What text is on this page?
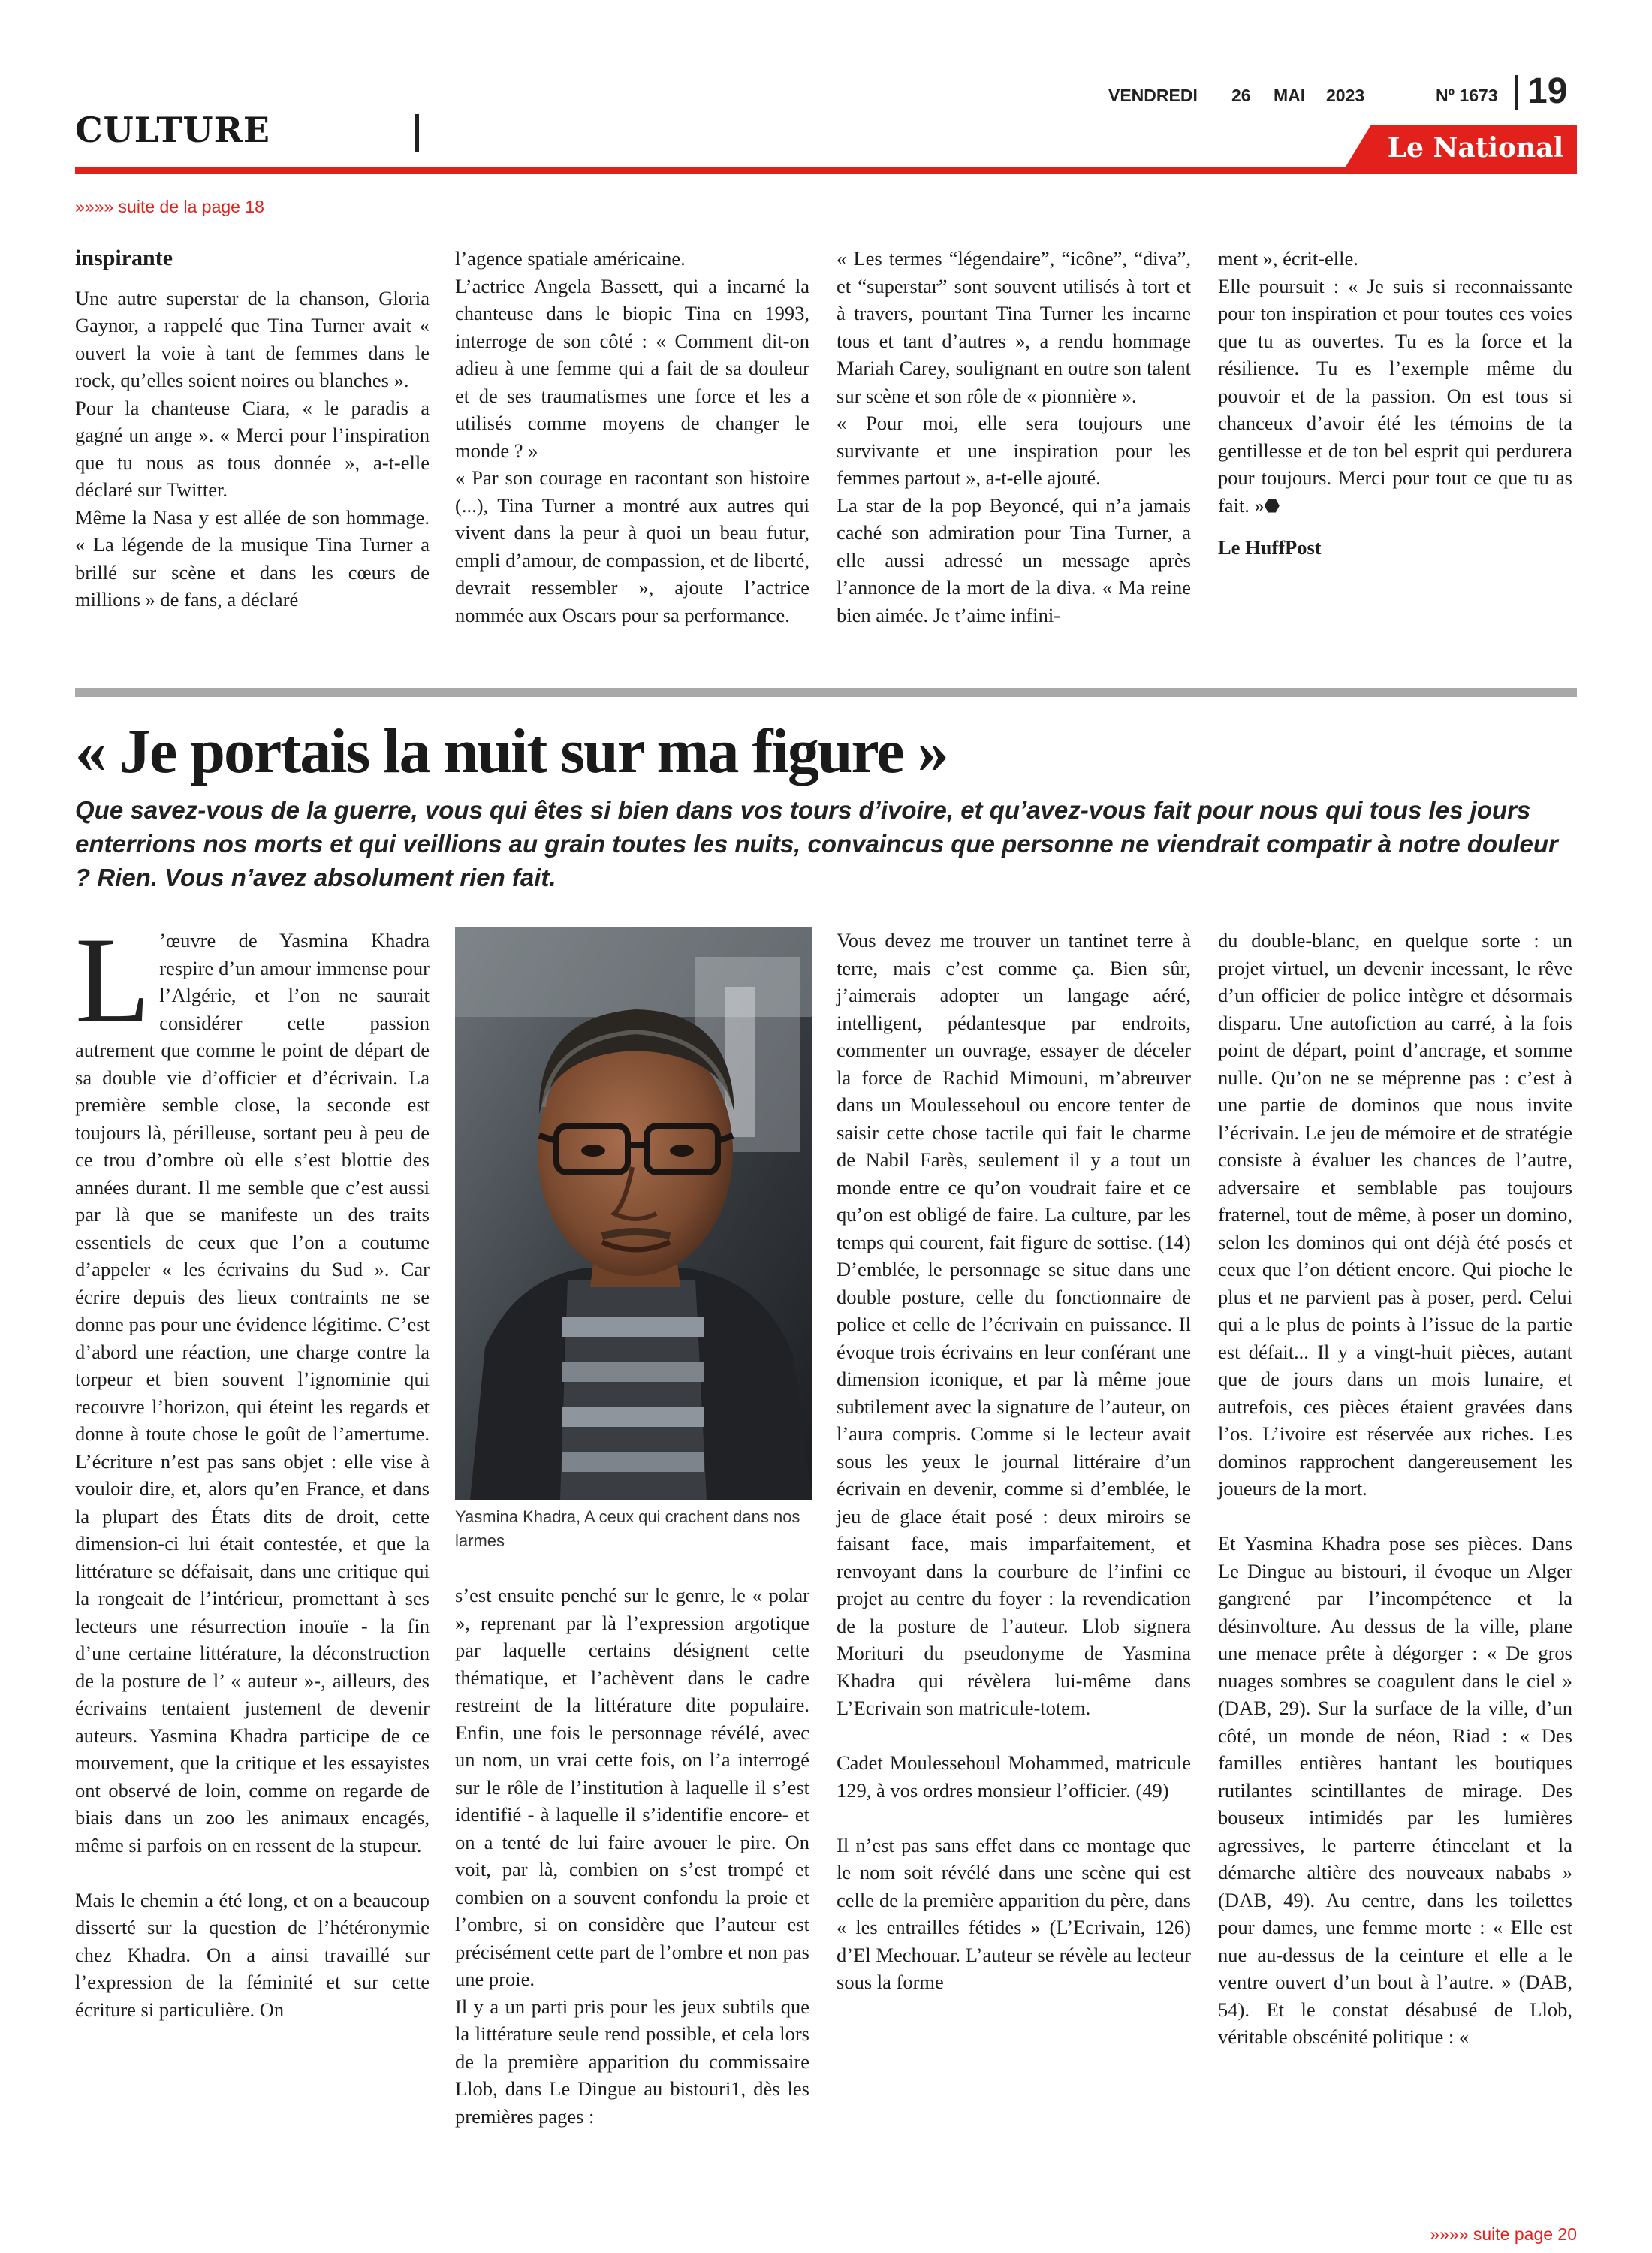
CULTURE
VENDREDI	26	MAI	2023	Nº 1673 19
Le National
»»»» suite de la page 18

inspirante

Une autre superstar de la chanson, Gloria Gaynor, a rappelé que Tina Turner avait « ouvert la voie à tant de femmes dans le rock, qu’elles soient noires ou blanches ».

Pour la chanteuse Ciara, « le paradis a gagné un ange ». « Merci pour l’inspiration que tu nous as tous donnée », a-t-elle déclaré sur Twitter.

Même la Nasa y est allée de son hommage. « La légende de la musique Tina Turner a brillé sur scène et dans les cœurs de millions » de fans, a déclaré

l’agence spatiale américaine.

L’actrice Angela Bassett, qui a incarné la chanteuse dans le biopic Tina en 1993, interroge de son côté : « Comment dit-on adieu à une femme qui a fait de sa douleur et de ses traumatismes une force et les a utilisés comme moyens de changer le monde ? »

« Par son courage en racontant son histoire (...), Tina Turner a montré aux autres qui vivent dans la peur à quoi un beau futur, empli d’amour, de compassion, et de liberté, devrait ressembler », ajoute l’actrice nommée aux Oscars pour sa performance.

« Les termes “légendaire”, “icône”, “diva”, et “superstar” sont souvent utilisés à tort et à travers, pourtant Tina Turner les incarne tous et tant d’autres », a rendu hommage Mariah Carey, soulignant en outre son talent sur scène et son rôle de « pionnière ».

« Pour moi, elle sera toujours une survivante et une inspiration pour les femmes partout », a-t-elle ajouté.

La star de la pop Beyoncé, qui n’a jamais caché son admiration pour Tina Turner, a elle aussi adressé un message après l’annonce de la mort de la diva. « Ma reine bien aimée. Je t’aime infini-

ment », écrit-elle.

Elle poursuit : « Je suis si reconnaissante pour ton inspiration et pour toutes ces voies que tu as ouvertes. Tu es la force et la résilience. Tu es l’exemple même du pouvoir et de la passion. On est tous si chanceux d’avoir été les témoins de ta gentillesse et de ton bel esprit qui perdurera pour toujours. Merci pour tout ce que tu as fait. »

Le HuffPost

« Je portais la nuit sur ma figure »
Que savez-vous de la guerre, vous qui êtes si bien dans vos tours d’ivoire, et qu’avez-vous fait pour nous qui tous les jours enterrions nos morts et qui veillions au grain toutes les nuits, convaincus que personne ne viendrait compatir à notre douleur ? Rien. Vous n’avez absolument rien fait.

L ’œuvre de Yasmina Khadra respire d’un amour immense pour l’Algérie, et l’on ne saurait considérer cette passion autrement que comme le point de départ de sa double vie d’officier et d’écrivain. La première semble close, la seconde est toujours là, périlleuse, sortant peu à peu de ce trou d’ombre où elle s’est blottie des années durant. Il me semble que c’est aussi par là que se manifeste un des traits essentiels de ceux que l’on a coutume d’appeler « les écrivains du Sud ». Car écrire depuis des lieux contraints ne se donne pas pour une évidence légitime. C’est d’abord une réaction, une charge contre la torpeur et bien souvent l’ignominie qui recouvre l’horizon, qui éteint les regards et donne à toute chose le goût de l’amertume. L’écriture n’est pas sans objet : elle vise à vouloir dire, et, alors qu’en France, et dans la plupart des États dits de droit, cette dimension-ci lui était contestée, et que la littérature se défaisait, dans une critique qui la rongeait de l’intérieur, promettant à ses lecteurs une résurrection inouïe - la fin d’une certaine littérature, la déconstruction de la posture de l’ « auteur »-, ailleurs, des écrivains tentaient justement de devenir auteurs. Yasmina Khadra participe de ce mouvement, que la critique et les essayistes ont observé de loin, comme on regarde de biais dans un zoo les animaux encagés, même si parfois on en ressent de la stupeur.

Mais le chemin a été long, et on a beaucoup disserté sur la question de l’hétéronymie chez Khadra. On a ainsi travaillé sur l’expression de la féminité et sur cette écriture si particulière. On

Yasmina Khadra, A ceux qui crachent dans nos larmes

s’est ensuite penché sur le genre, le « polar », reprenant par là l’expression argotique par laquelle certains désignent cette thématique, et l’achèvent dans le cadre restreint de la littérature dite populaire. Enfin, une fois le personnage révélé, avec un nom, un vrai cette fois, on l’a interrogé sur le rôle de l’institution à laquelle il s’est identifié - à laquelle il s’identifie encore- et on a tenté de lui faire avouer le pire. On voit, par là, combien on s’est trompé et combien on a souvent confondu la proie et l’ombre, si on considère que l’auteur est précisément cette part de l’ombre et non pas une proie.

Il y a un parti pris pour les jeux subtils que la littérature seule rend possible, et cela lors de la première apparition du commissaire Llob, dans Le Dingue au bistouri1, dès les premières pages :

Vous devez me trouver un tantinet terre à terre, mais c’est comme ça. Bien sûr, j’aimerais adopter un langage aéré, intelligent, pédantesque par endroits, commenter un ouvrage, essayer de déceler la force de Rachid Mimouni, m’abreuver dans un Moulessehoul ou encore tenter de saisir cette chose tactile qui fait le charme de Nabil Farès, seulement il y a tout un monde entre ce qu’on voudrait faire et ce qu’on est obligé de faire. La culture, par les temps qui courent, fait figure de sottise. (14)

D’emblée, le personnage se situe dans une double posture, celle du fonctionnaire de police et celle de l’écrivain en puissance. Il évoque trois écrivains en leur conférant une dimension iconique, et par là même joue subtilement avec la signature de l’auteur, on l’aura compris. Comme si le lecteur avait sous les yeux le journal littéraire d’un écrivain en devenir, comme si d’emblée, le jeu de glace était posé : deux miroirs se faisant face, mais imparfaitement, et renvoyant dans la courbure de l’infini ce projet au centre du foyer : la revendication de la posture de l’auteur. Llob signera Morituri du pseudonyme de Yasmina Khadra qui révèlera lui-même dans L’Ecrivain son matricule-totem.

Cadet Moulessehoul Mohammed, matricule 129, à vos ordres monsieur l’officier. (49)

Il n’est pas sans effet dans ce montage que le nom soit révélé dans une scène qui est celle de la première apparition du père, dans « les entrailles fétides » (L’Ecrivain, 126) d’El Mechouar. L’auteur se révèle au lecteur sous la forme

du double-blanc, en quelque sorte : un projet virtuel, un devenir incessant, le rêve d’un officier de police intègre et désormais disparu. Une autofiction au carré, à la fois point de départ, point d’ancrage, et somme nulle. Qu’on ne se méprenne pas : c’est à une partie de dominos que nous invite l’écrivain. Le jeu de mémoire et de stratégie consiste à évaluer les chances de l’autre, adversaire et semblable pas toujours fraternel, tout de même, à poser un domino, selon les dominos qui ont déjà été posés et ceux que l’on détient encore. Qui pioche le plus et ne parvient pas à poser, perd. Celui qui a le plus de points à l’issue de la partie est défait... Il y a vingt-huit pièces, autant que de jours dans un mois lunaire, et autrefois, ces pièces étaient gravées dans l’os. L’ivoire est réservée aux riches. Les dominos rapprochent dangereusement les joueurs de la mort.

Et Yasmina Khadra pose ses pièces. Dans Le Dingue au bistouri, il évoque un Alger gangrené par l’incompétence et la désinvolture. Au dessus de la ville, plane une menace prête à dégorger : « De gros nuages sombres se coagulent dans le ciel » (DAB, 29). Sur la surface de la ville, d’un côté, un monde de néon, Riad : « Des familles entières hantant les boutiques rutilantes scintillantes de mirage. Des bouseux intimidés par les lumières agressives, le parterre étincelant et la démarche altière des nouveaux nababs » (DAB, 49). Au centre, dans les toilettes pour dames, une femme morte : « Elle est nue au-dessus de la ceinture et elle a le ventre ouvert d’un bout à l’autre. » (DAB, 54). Et le constat désabusé de Llob, véritable obscénité politique : «

»»»» suite page 20
